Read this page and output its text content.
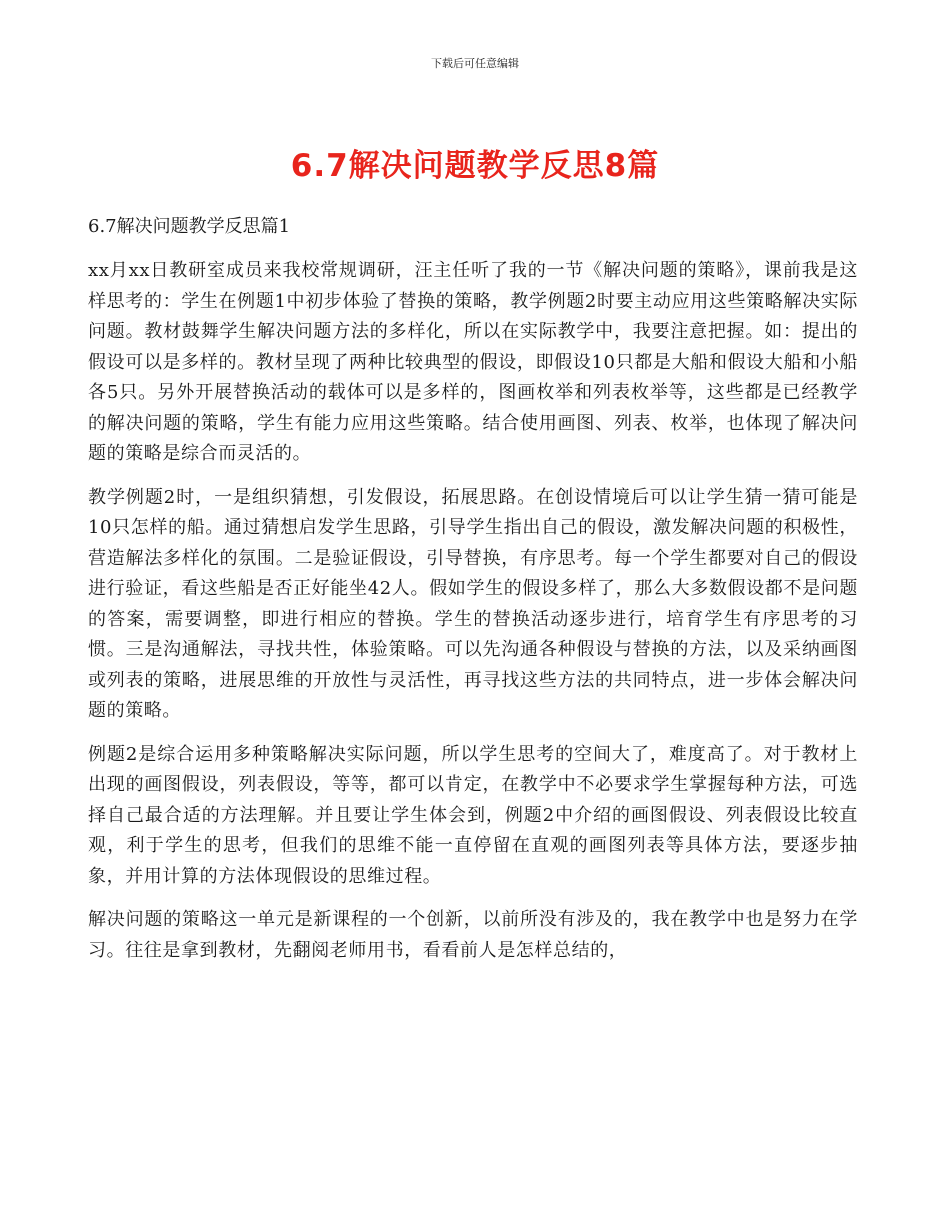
下载后可任意编辑
6.7解决问题教学反思8篇
6.7解决问题教学反思篇1

xx月xx日教研室成员来我校常规调研，汪主任听了我的一节《解决问题的策略》，课前我是这样思考的：学生在例题1中初步体验了替换的策略，教学例题2时要主动应用这些策略解决实际问题。教材鼓舞学生解决问题方法的多样化，所以在实际教学中，我要注意把握。如：提出的假设可以是多样的。教材呈现了两种比较典型的假设，即假设10只都是大船和假设大船和小船各5只。另外开展替换活动的载体可以是多样的，图画枚举和列表枚举等，这些都是已经教学的解决问题的策略，学生有能力应用这些策略。结合使用画图、列表、枚举，也体现了解决问题的策略是综合而灵活的。

教学例题2时，一是组织猜想，引发假设，拓展思路。在创设情境后可以让学生猜一猜可能是10只怎样的船。通过猜想启发学生思路，引导学生指出自己的假设，激发解决问题的积极性，营造解法多样化的氛围。二是验证假设，引导替换，有序思考。每一个学生都要对自己的假设进行验证，看这些船是否正好能坐42人。假如学生的假设多样了，那么大多数假设都不是问题的答案，需要调整，即进行相应的替换。学生的替换活动逐步进行，培育学生有序思考的习惯。三是沟通解法，寻找共性，体验策略。可以先沟通各种假设与替换的方法，以及采纳画图或列表的策略，进展思维的开放性与灵活性，再寻找这些方法的共同特点，进一步体会解决问题的策略。

例题2是综合运用多种策略解决实际问题，所以学生思考的空间大了，难度高了。对于教材上出现的画图假设，列表假设，等等，都可以肯定，在教学中不必要求学生掌握每种方法，可选择自己最合适的方法理解。并且要让学生体会到，例题2中介绍的画图假设、列表假设比较直观，利于学生的思考，但我们的思维不能一直停留在直观的画图列表等具体方法，要逐步抽象，并用计算的方法体现假设的思维过程。

解决问题的策略这一单元是新课程的一个创新，以前所没有涉及的，我在教学中也是努力在学习。往往是拿到教材，先翻阅老师用书，看看前人是怎样总结的，
